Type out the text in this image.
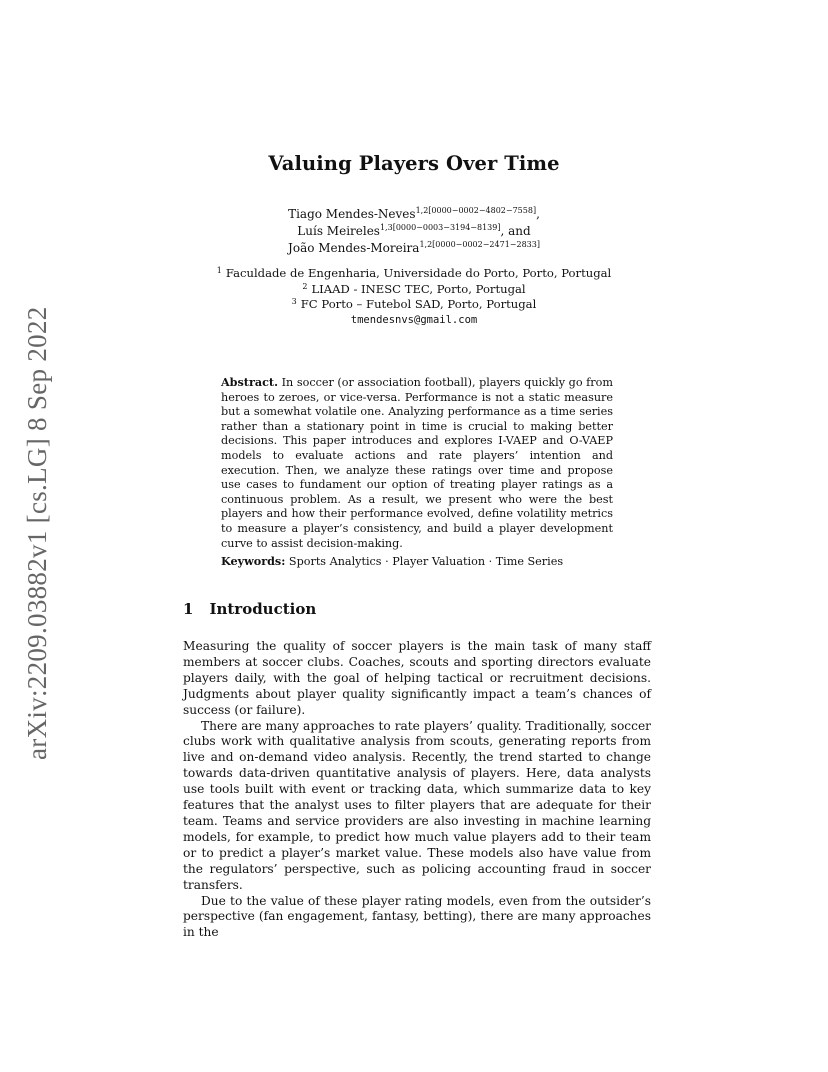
arXiv:2209.03882v1 [cs.LG] 8 Sep 2022
Valuing Players Over Time
Tiago Mendes-Neves$^{1,2[0000-0002-4802-7558]}$,
Luís Meireles$^{1,3[0000-0003-3194-8139]}$, and
João Mendes-Moreira$^{1,2[0000-0002-2471-2833]}$
$^1$ Faculdade de Engenharia, Universidade do Porto, Porto, Portugal
$^2$ LIAAD - INESC TEC, Porto, Portugal
$^3$ FC Porto – Futebol SAD, Porto, Portugal
tmendesnvs@gmail.com
Abstract. In soccer (or association football), players quickly go from heroes to zeroes, or vice-versa. Performance is not a static measure but a somewhat volatile one. Analyzing performance as a time series rather than a stationary point in time is crucial to making better decisions. This paper introduces and explores I-VAEP and O-VAEP models to evaluate actions and rate players’ intention and execution. Then, we analyze these ratings over time and propose use cases to fundament our option of treating player ratings as a continuous problem. As a result, we present who were the best players and how their performance evolved, define volatility metrics to measure a player’s consistency, and build a player development curve to assist decision-making.
Keywords: Sports Analytics · Player Valuation · Time Series
1 Introduction

Measuring the quality of soccer players is the main task of many staff members at soccer clubs. Coaches, scouts and sporting directors evaluate players daily, with the goal of helping tactical or recruitment decisions. Judgments about player quality significantly impact a team’s chances of success (or failure).

There are many approaches to rate players’ quality. Traditionally, soccer clubs work with qualitative analysis from scouts, generating reports from live and on-demand video analysis. Recently, the trend started to change towards data-driven quantitative analysis of players. Here, data analysts use tools built with event or tracking data, which summarize data to key features that the analyst uses to filter players that are adequate for their team. Teams and service providers are also investing in machine learning models, for example, to predict how much value players add to their team or to predict a player’s market value. These models also have value from the regulators’ perspective, such as policing accounting fraud in soccer transfers.

Due to the value of these player rating models, even from the outsider’s perspective (fan engagement, fantasy, betting), there are many approaches in the
